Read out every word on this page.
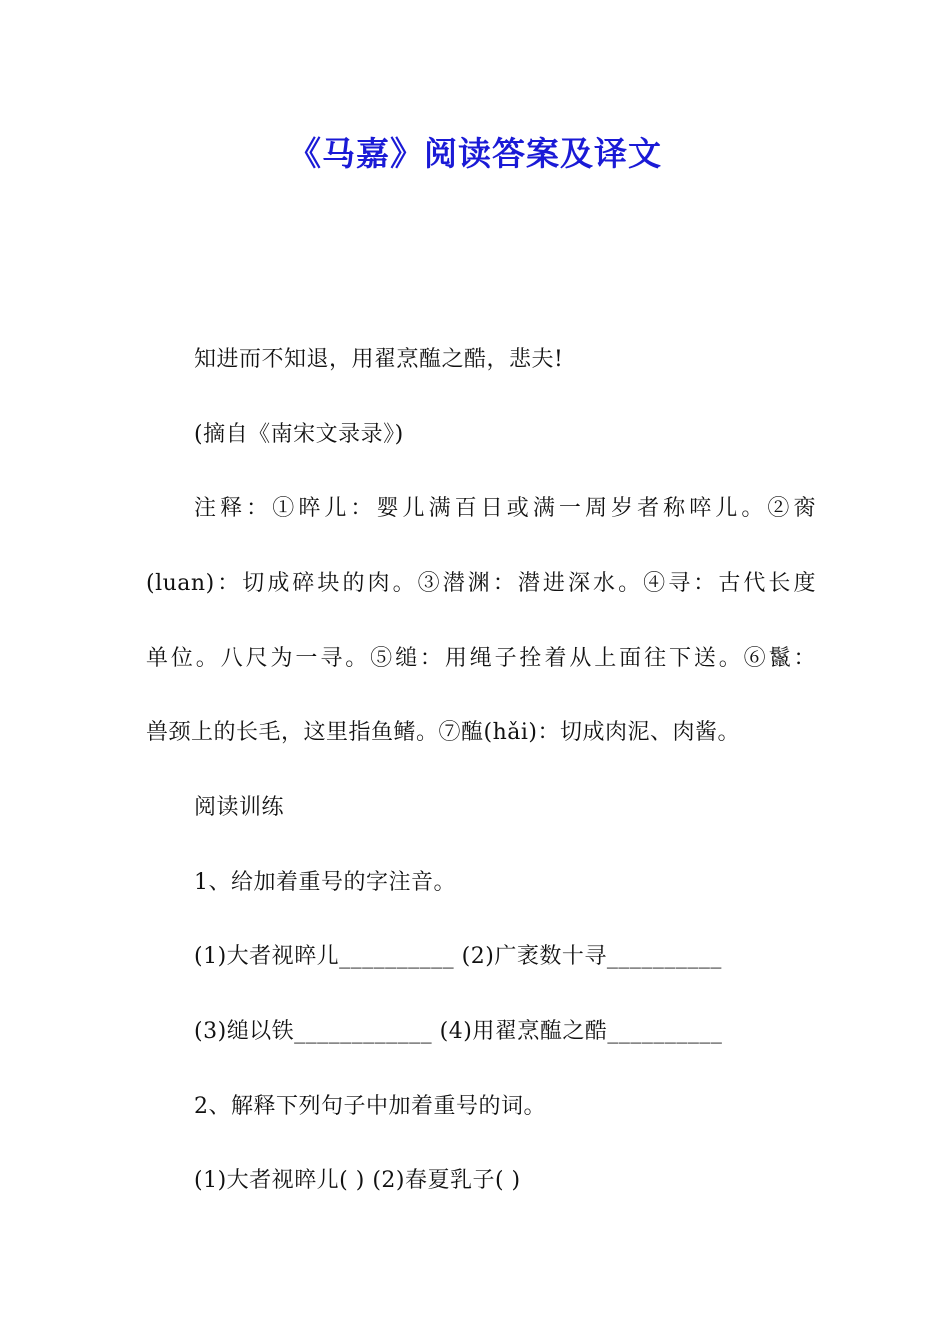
《马嘉》阅读答案及译文
知进而不知退，用翟烹醢之酷，悲夫!
(摘自《南宋文录录》)
注释：①晬儿：婴儿满百日或满一周岁者称啐儿。②脔
(luan)：切成碎块的肉。③潜渊：潜进深水。④寻：古代长度
单位。八尺为一寻。⑤缒：用绳子拴着从上面往下送。⑥鬣：
兽颈上的长毛，这里指鱼鳍。⑦醢(hǎi)：切成肉泥、肉酱。
阅读训练
1、给加着重号的字注音。
(1)大者视晬儿__________ (2)广袤数十寻__________
(3)缒以铁____________ (4)用翟烹醢之酷__________
2、解释下列句子中加着重号的词。
(1)大者视晬儿( ) (2)春夏乳子( )
